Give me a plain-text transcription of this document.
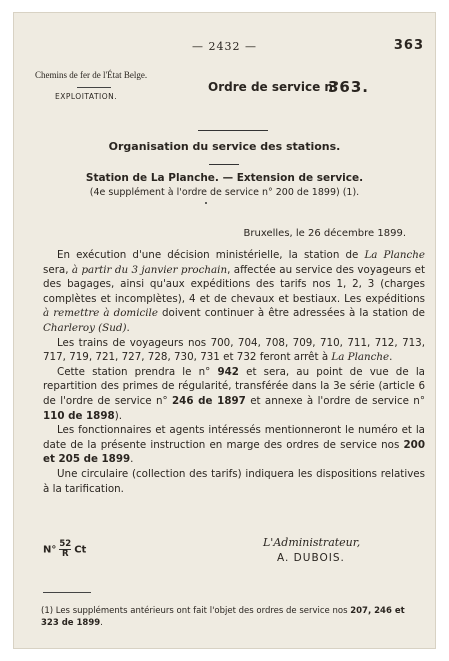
— 2432 —	363
Chemins de fer de l'État Belge.
EXPLOITATION.
Ordre de service n°
363.
Organisation du service des stations.
Station de La Planche. — Extension de service.
(4e supplément à l'ordre de service n° 200 de 1899) (1).
Bruxelles, le 26 décembre 1899.

En exécution d'une décision ministérielle, la station de La Planche sera, à partir du 3 janvier prochain, affectée au service des voyageurs et des bagages, ainsi qu'aux expéditions des tarifs nos 1, 2, 3 (charges complètes et incomplètes), 4 et de chevaux et bestiaux. Les expéditions à remettre à domicile doivent continuer à être adressées à la station de Charleroy (Sud).

Les trains de voyageurs nos 700, 704, 708, 709, 710, 711, 712, 713, 717, 719, 721, 727, 728, 730, 731 et 732 feront arrêt à La Planche.

Cette station prendra le n° 942 et sera, au point de vue de la repartition des primes de régularité, transférée dans la 3e série (article 6 de l'ordre de service n° 246 de 1897 et annexe à l'ordre de service n° 110 de 1898).

Les fonctionnaires et agents intéressés mentionneront le numéro et la date de la présente instruction en marge des ordres de service nos 200 et 205 de 1899.

Une circulaire (collection des tarifs) indiquera les dispositions relatives à la tarification.

$N^\circ \frac{52}{R}$ Ct
L'Administrateur,
A. DUBOIS.
(1) Les suppléments antérieurs ont fait l'objet des ordres de service nos 207, 246 et 323 de 1899.
